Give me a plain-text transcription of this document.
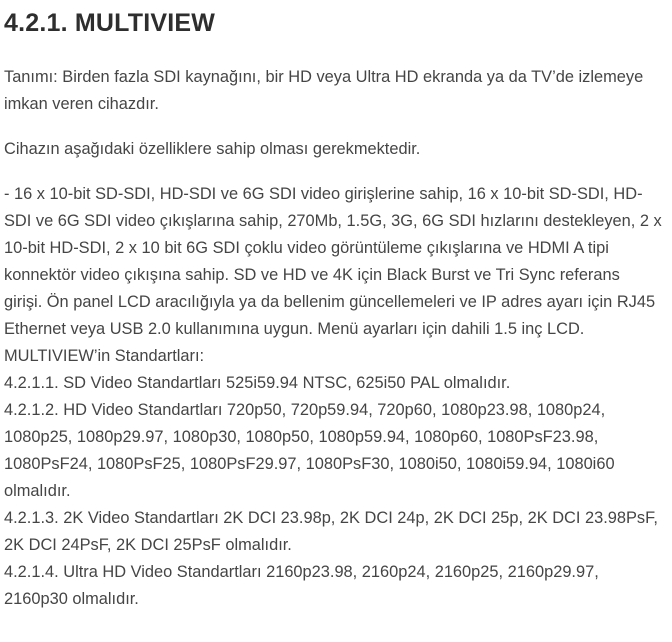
4.2.1. MULTIVIEW

Tanımı: Birden fazla SDI kaynağını, bir HD veya Ultra HD ekranda ya da TV’de izlemeye imkan veren cihazdır.

Cihazın aşağıdaki özelliklere sahip olması gerekmektedir.

- 16 x 10-bit SD-SDI, HD-SDI ve 6G SDI video girişlerine sahip, 16 x 10-bit SD-SDI, HD-SDI ve 6G SDI video çıkışlarına sahip, 270Mb, 1.5G, 3G, 6G SDI hızlarını destekleyen, 2 x 10-bit HD-SDI, 2 x 10 bit 6G SDI çoklu video görüntüleme çıkışlarına ve HDMI A tipi konnektör video çıkışına sahip. SD ve HD ve 4K için Black Burst ve Tri Sync referans girişi. Ön panel LCD aracılığıyla ya da bellenim güncellemeleri ve IP adres ayarı için RJ45 Ethernet veya USB 2.0 kullanımına uygun. Menü ayarları için dahili 1.5 inç LCD.
MULTIVIEW’in Standartları:
4.2.1.1. SD Video Standartları 525i59.94 NTSC, 625i50 PAL olmalıdır.
4.2.1.2. HD Video Standartları 720p50, 720p59.94, 720p60, 1080p23.98, 1080p24, 1080p25, 1080p29.97, 1080p30, 1080p50, 1080p59.94, 1080p60, 1080PsF23.98, 1080PsF24, 1080PsF25, 1080PsF29.97, 1080PsF30, 1080i50, 1080i59.94, 1080i60 olmalıdır.
4.2.1.3. 2K Video Standartları 2K DCI 23.98p, 2K DCI 24p, 2K DCI 25p, 2K DCI 23.98PsF, 2K DCI 24PsF, 2K DCI 25PsF olmalıdır.
4.2.1.4. Ultra HD Video Standartları 2160p23.98, 2160p24, 2160p25, 2160p29.97, 2160p30 olmalıdır.
